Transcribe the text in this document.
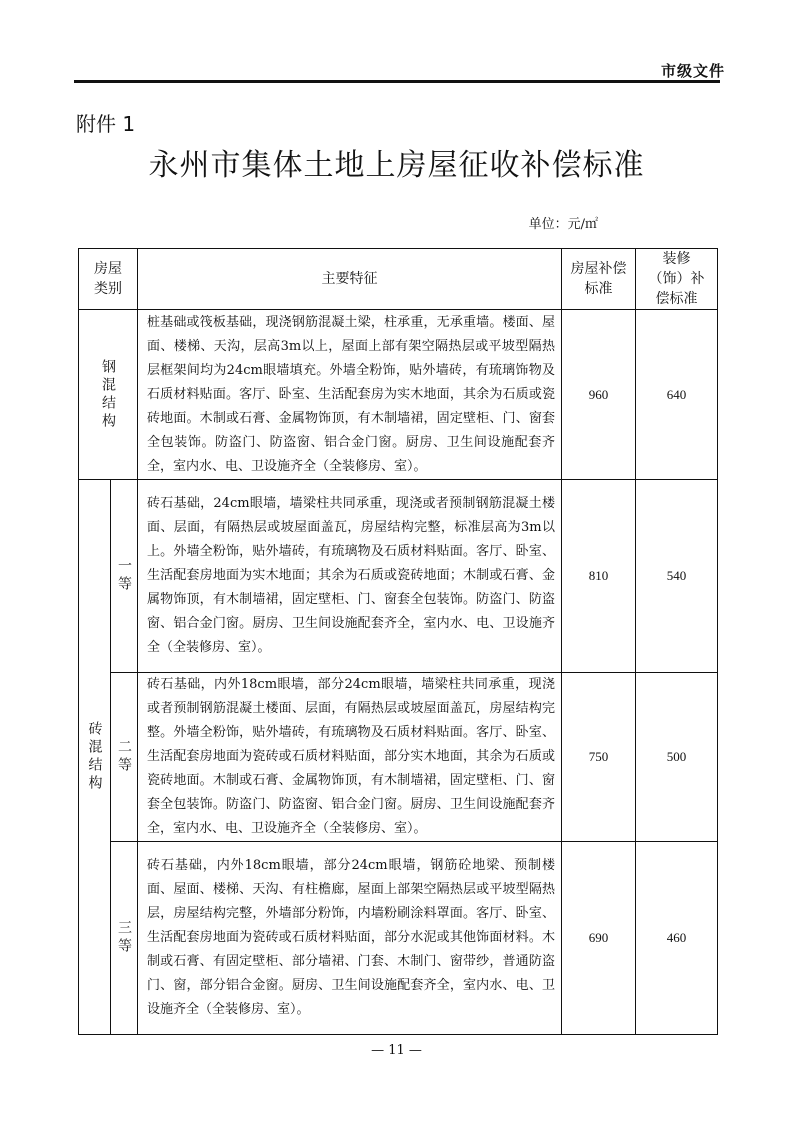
市级文件
附件 1
永州市集体土地上房屋征收补偿标准
单位：元/㎡
房屋类别		主要特征	房屋补偿标准	装修（饰）补偿标准

钢混结构		桩基础或筏板基础，现浇钢筋混凝土梁，柱承重，无承重墙。楼面、屋面、楼梯、天沟，层高3m以上，屋面上部有架空隔热层或平坡型隔热层框架间均为24cm眼墙填充。外墙全粉饰，贴外墙砖，有琉璃饰物及石质材料贴面。客厅、卧室、生活配套房为实木地面，其余为石质或瓷砖地面。木制或石膏、金属物饰顶，有木制墙裙，固定壁柜、门、窗套全包装饰。防盗门、防盗窗、铝合金门窗。厨房、卫生间设施配套齐全，室内水、电、卫设施齐全（全装修房、室）。	960	640

砖混结构	一等	砖石基础，24cm眼墙，墙梁柱共同承重，现浇或者预制钢筋混凝土楼面、层面，有隔热层或坡屋面盖瓦，房屋结构完整，标准层高为3m以上。外墙全粉饰，贴外墙砖，有琉璃物及石质材料贴面。客厅、卧室、生活配套房地面为实木地面；其余为石质或瓷砖地面；木制或石膏、金属物饰顶，有木制墙裙，固定壁柜、门、窗套全包装饰。防盗门、防盗窗、铝合金门窗。厨房、卫生间设施配套齐全，室内水、电、卫设施齐全（全装修房、室）。	810	540

	二等	砖石基础，内外18cm眼墙，部分24cm眼墙，墙梁柱共同承重，现浇或者预制钢筋混凝土楼面、层面，有隔热层或坡屋面盖瓦，房屋结构完整。外墙全粉饰，贴外墙砖，有琉璃物及石质材料贴面。客厅、卧室、生活配套房地面为瓷砖或石质材料贴面，部分实木地面，其余为石质或瓷砖地面。木制或石膏、金属物饰顶，有木制墙裙，固定壁柜、门、窗套全包装饰。防盗门、防盗窗、铝合金门窗。厨房、卫生间设施配套齐全，室内水、电、卫设施齐全（全装修房、室）。	750	500

	三等	砖石基础，内外18cm眼墙，部分24cm眼墙，钢筋砼地梁、预制楼面、屋面、楼梯、天沟、有柱檐廊，屋面上部架空隔热层或平坡型隔热层，房屋结构完整，外墙部分粉饰，内墙粉刷涂料罩面。客厅、卧室、生活配套房地面为瓷砖或石质材料贴面，部分水泥或其他饰面材料。木制或石膏、有固定壁柜、部分墙裙、门套、木制门、窗带纱，普通防盗门、窗，部分铝合金窗。厨房、卫生间设施配套齐全，室内水、电、卫设施齐全（全装修房、室）。	690	460
— 11 —
